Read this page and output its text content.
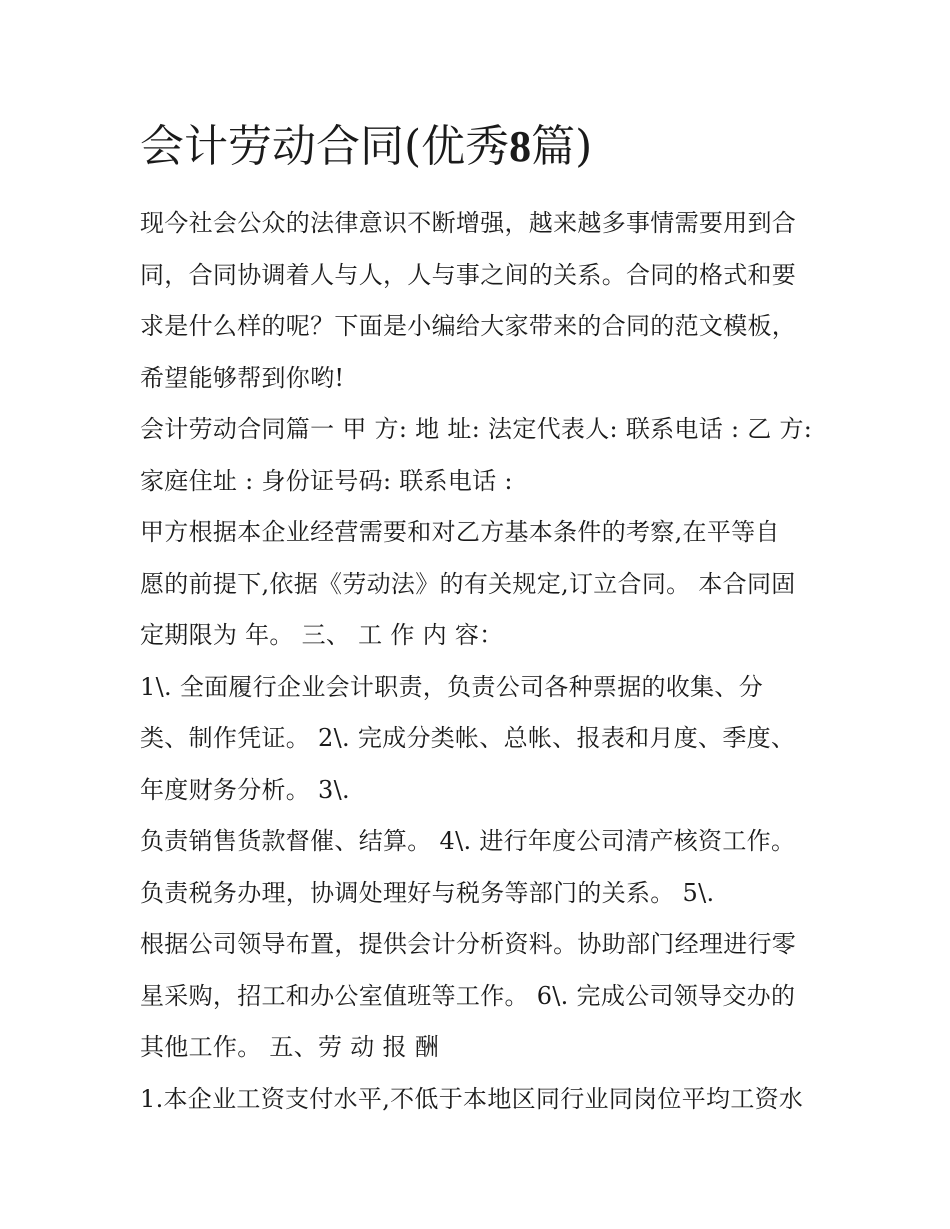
会计劳动合同(优秀8篇)
现今社会公众的法律意识不断增强，越来越多事情需要用到合
同，合同协调着人与人，人与事之间的关系。合同的格式和要
求是什么样的呢？下面是小编给大家带来的合同的范文模板，
希望能够帮到你哟!
会计劳动合同篇一 甲 方: 地 址: 法定代表人: 联系电话 : 乙 方:
家庭住址 : 身份证号码: 联系电话 :
甲方根据本企业经营需要和对乙方基本条件的考察,在平等自
愿的前提下,依据《劳动法》的有关规定,订立合同。 本合同固
定期限为 年。 三、 工 作 内 容：
1\. 全面履行企业会计职责，负责公司各种票据的收集、分
类、制作凭证。 2\. 完成分类帐、总帐、报表和月度、季度、
年度财务分析。 3\.
负责销售货款督催、结算。 4\. 进行年度公司清产核资工作。
负责税务办理，协调处理好与税务等部门的关系。 5\.
根据公司领导布置，提供会计分析资料。协助部门经理进行零
星采购，招工和办公室值班等工作。 6\. 完成公司领导交办的
其他工作。 五、劳 动 报 酬
1.本企业工资支付水平,不低于本地区同行业同岗位平均工资水
